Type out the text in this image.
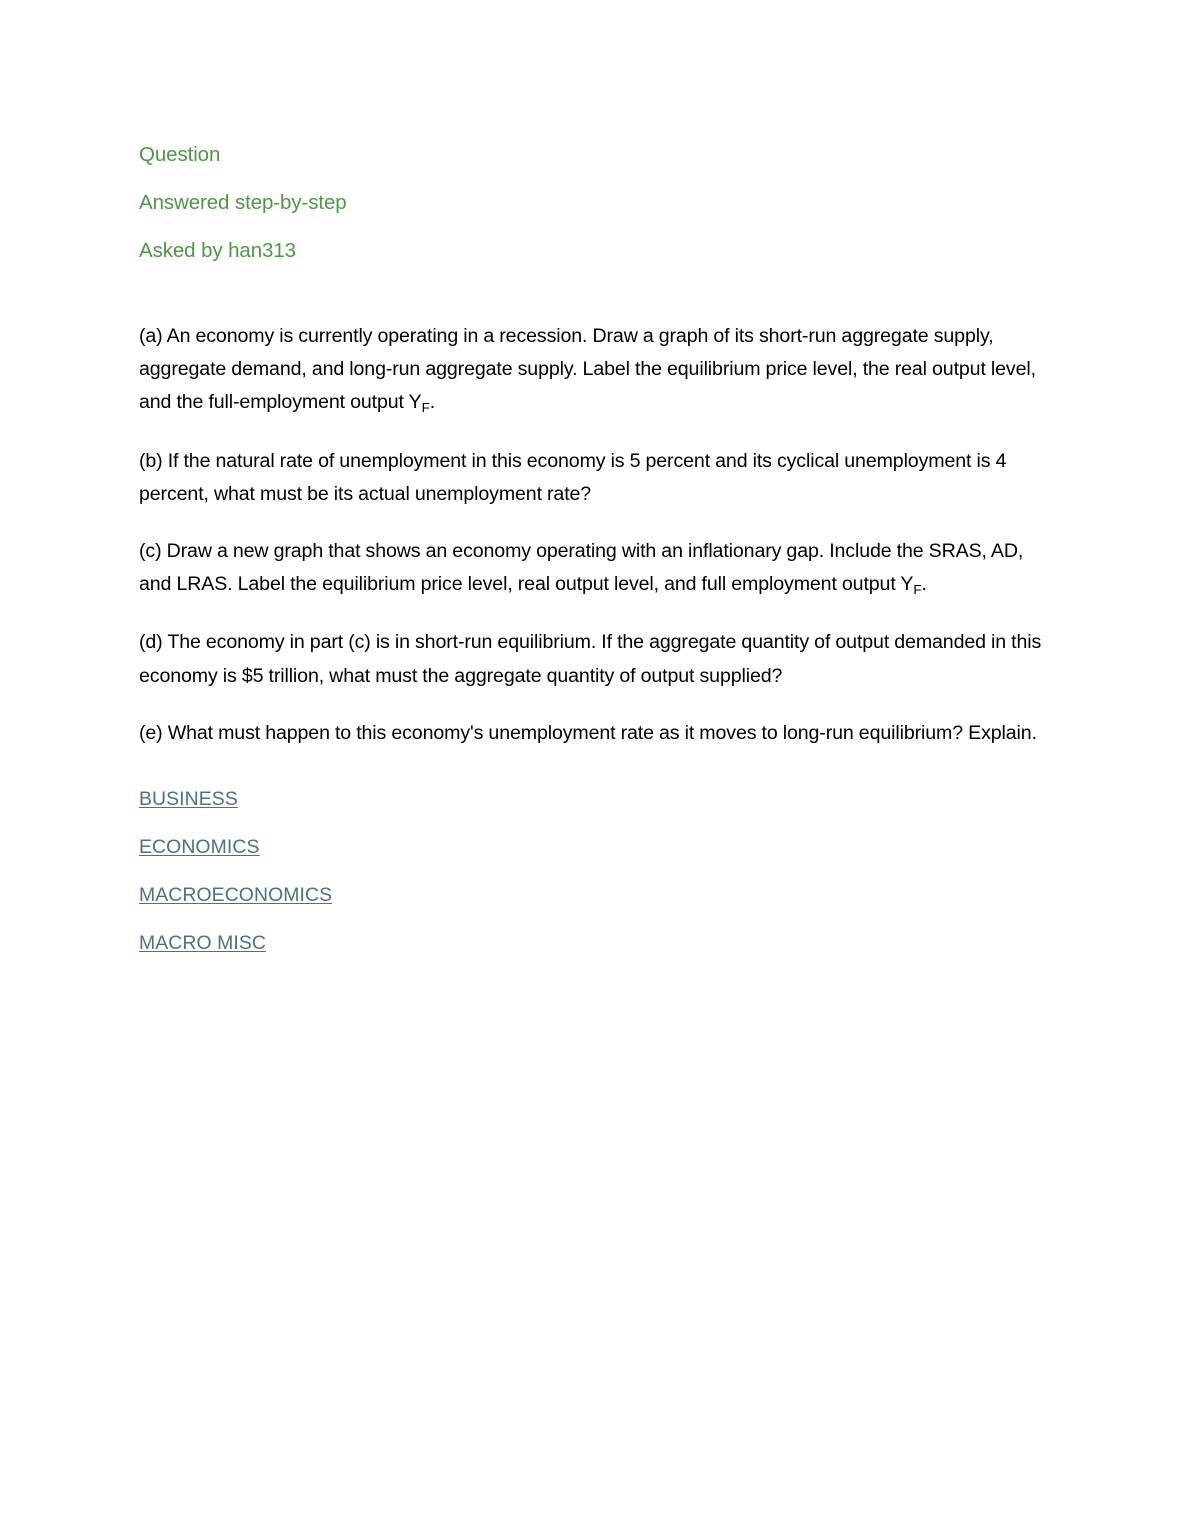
Question
Answered step-by-step
Asked by han313

(a) An economy is currently operating in a recession. Draw a graph of its short-run aggregate supply, aggregate demand, and long-run aggregate supply. Label the equilibrium price level, the real output level, and the full-employment output $Y_F$.

(b) If the natural rate of unemployment in this economy is 5 percent and its cyclical unemployment is 4 percent, what must be its actual unemployment rate?

(c) Draw a new graph that shows an economy operating with an inflationary gap. Include the SRAS, AD, and LRAS. Label the equilibrium price level, real output level, and full employment output $Y_F$.

(d) The economy in part (c) is in short-run equilibrium. If the aggregate quantity of output demanded in this economy is $5 trillion, what must the aggregate quantity of output supplied?

(e) What must happen to this economy's unemployment rate as it moves to long-run equilibrium? Explain.

BUSINESS
ECONOMICS
MACROECONOMICS
MACRO MISC
